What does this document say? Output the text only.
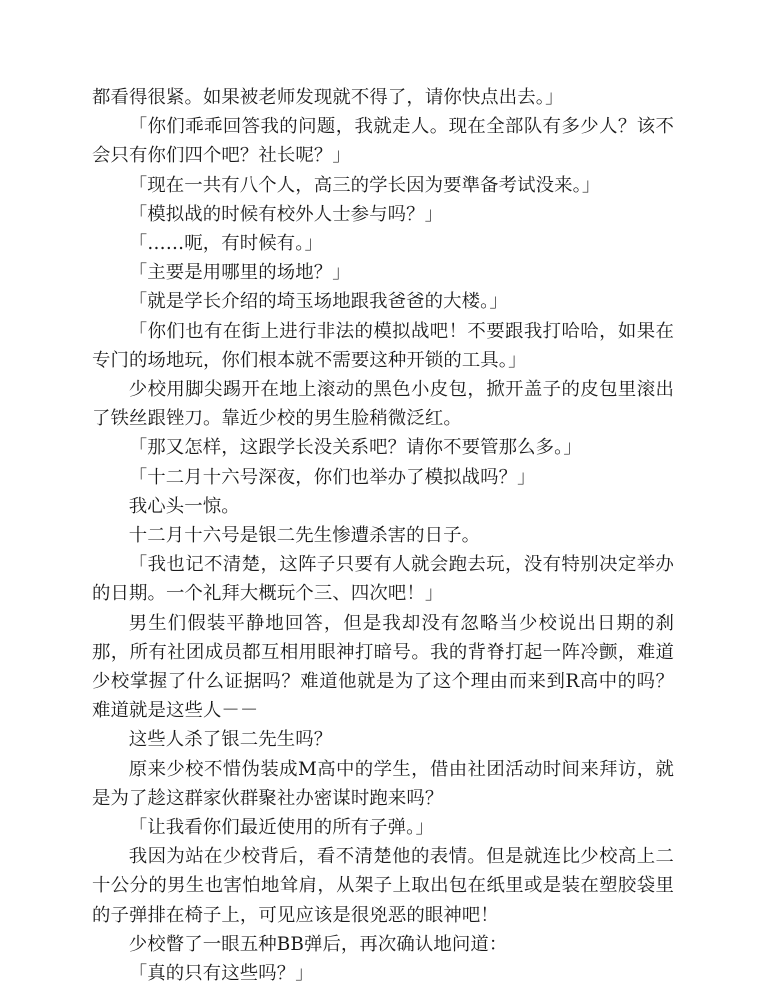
都看得很紧。如果被老师发现就不得了，请你快点出去。」

「你们乖乖回答我的问题，我就走人。现在全部队有多少人？该不会只有你们四个吧？社长呢？」

「现在一共有八个人，高三的学长因为要準备考试没来。」

「模拟战的时候有校外人士参与吗？」

「……呃，有时候有。」

「主要是用哪里的场地？」

「就是学长介绍的埼玉场地跟我爸爸的大楼。」

「你们也有在街上进行非法的模拟战吧！不要跟我打哈哈，如果在专门的场地玩，你们根本就不需要这种开锁的工具。」

少校用脚尖踢开在地上滚动的黑色小皮包，掀开盖子的皮包里滚出了铁丝跟锉刀。靠近少校的男生脸稍微泛红。

「那又怎样，这跟学长没关系吧？请你不要管那么多。」

「十二月十六号深夜，你们也举办了模拟战吗？」

我心头一惊。

十二月十六号是银二先生惨遭杀害的日子。

「我也记不清楚，这阵子只要有人就会跑去玩，没有特别决定举办的日期。一个礼拜大概玩个三、四次吧！」

男生们假装平静地回答，但是我却没有忽略当少校说出日期的刹那，所有社团成员都互相用眼神打暗号。我的背脊打起一阵冷颤，难道少校掌握了什么证据吗？难道他就是为了这个理由而来到R高中的吗？难道就是这些人－－

这些人杀了银二先生吗？

原来少校不惜伪装成M高中的学生，借由社团活动时间来拜访，就是为了趁这群家伙群聚社办密谋时跑来吗？

「让我看你们最近使用的所有子弹。」

我因为站在少校背后，看不清楚他的表情。但是就连比少校高上二十公分的男生也害怕地耸肩，从架子上取出包在纸里或是装在塑胶袋里的子弹排在椅子上，可见应该是很兇恶的眼神吧！

少校瞥了一眼五种BB弹后，再次确认地问道：

「真的只有这些吗？」
